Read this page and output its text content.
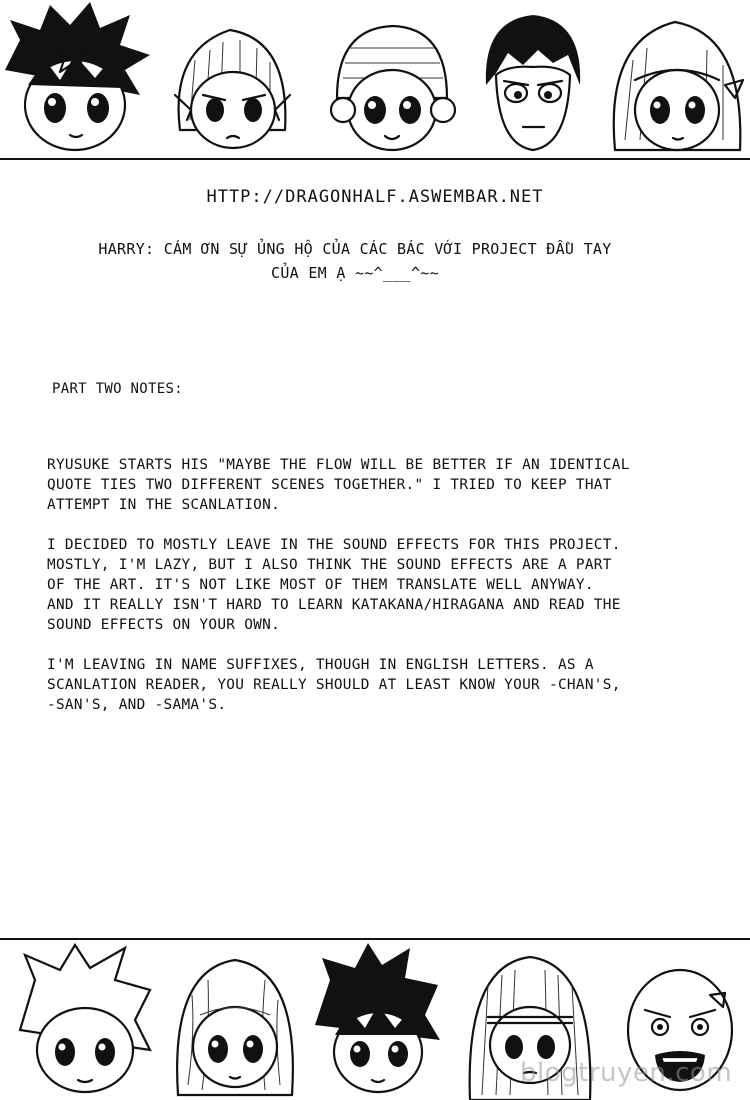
HTTP://DRAGONHALF.ASWEMBAR.NET

HARRY: CÁM ƠN SỰ ỦNG HỘ CỦA CÁC BÁC VỚI PROJECT ĐẦU TAY
CỦA EM Ạ ~~^___^~~

PART TWO NOTES:

RYUSUKE STARTS HIS "MAYBE THE FLOW WILL BE BETTER IF AN IDENTICAL
QUOTE TIES TWO DIFFERENT SCENES TOGETHER." I TRIED TO KEEP THAT
ATTEMPT IN THE SCANLATION.

I DECIDED TO MOSTLY LEAVE IN THE SOUND EFFECTS FOR THIS PROJECT.
MOSTLY, I'M LAZY, BUT I ALSO THINK THE SOUND EFFECTS ARE A PART
OF THE ART. IT'S NOT LIKE MOST OF THEM TRANSLATE WELL ANYWAY.
AND IT REALLY ISN'T HARD TO LEARN KATAKANA/HIRAGANA AND READ THE
SOUND EFFECTS ON YOUR OWN.

I'M LEAVING IN NAME SUFFIXES, THOUGH IN ENGLISH LETTERS. AS A
SCANLATION READER, YOU REALLY SHOULD AT LEAST KNOW YOUR -CHAN'S,
-SAN'S, AND -SAMA'S.

blogtruyen.com
